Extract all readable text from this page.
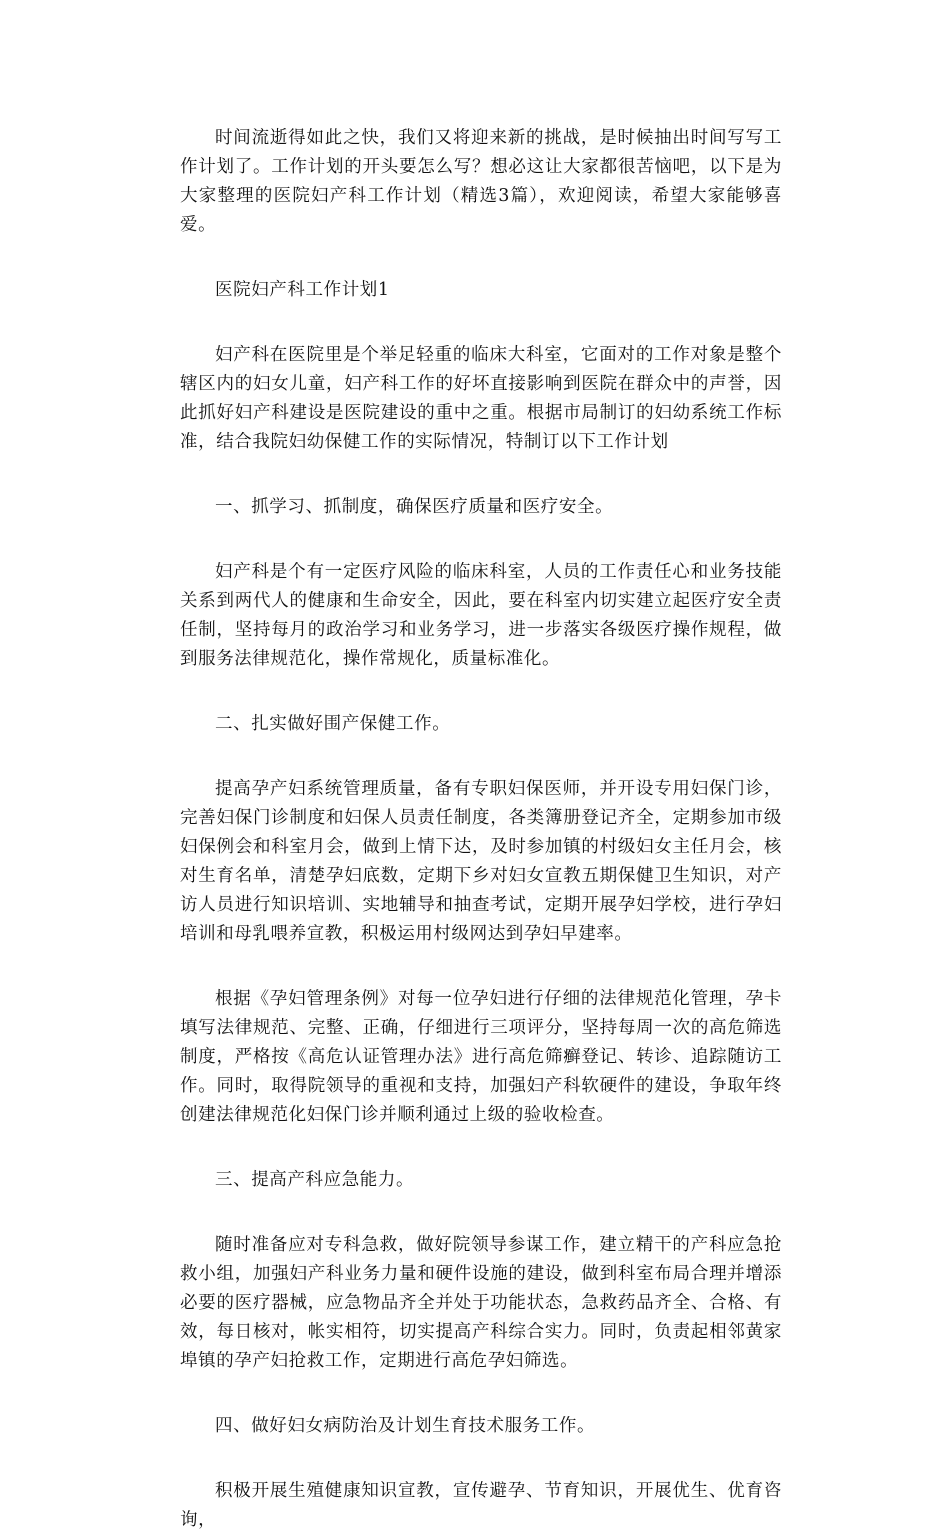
时间流逝得如此之快，我们又将迎来新的挑战，是时候抽出时间写写工作计划了。工作计划的开头要怎么写？想必这让大家都很苦恼吧，以下是为大家整理的医院妇产科工作计划（精选3篇），欢迎阅读，希望大家能够喜爱。

医院妇产科工作计划1

妇产科在医院里是个举足轻重的临床大科室，它面对的工作对象是整个辖区内的妇女儿童，妇产科工作的好坏直接影响到医院在群众中的声誉，因此抓好妇产科建设是医院建设的重中之重。根据市局制订的妇幼系统工作标准，结合我院妇幼保健工作的实际情况，特制订以下工作计划

一、抓学习、抓制度，确保医疗质量和医疗安全。

妇产科是个有一定医疗风险的临床科室，人员的工作责任心和业务技能关系到两代人的健康和生命安全，因此，要在科室内切实建立起医疗安全责任制，坚持每月的政治学习和业务学习，进一步落实各级医疗操作规程，做到服务法律规范化，操作常规化，质量标准化。

二、扎实做好围产保健工作。

提高孕产妇系统管理质量，备有专职妇保医师，并开设专用妇保门诊，完善妇保门诊制度和妇保人员责任制度，各类簿册登记齐全，定期参加市级妇保例会和科室月会，做到上情下达，及时参加镇的村级妇女主任月会，核对生育名单，清楚孕妇底数，定期下乡对妇女宣教五期保健卫生知识，对产访人员进行知识培训、实地辅导和抽查考试，定期开展孕妇学校，进行孕妇培训和母乳喂养宣教，积极运用村级网达到孕妇早建率。

根据《孕妇管理条例》对每一位孕妇进行仔细的法律规范化管理，孕卡填写法律规范、完整、正确，仔细进行三项评分，坚持每周一次的高危筛选制度，严格按《高危认证管理办法》进行高危筛癣登记、转诊、追踪随访工作。同时，取得院领导的重视和支持，加强妇产科软硬件的建设，争取年终创建法律规范化妇保门诊并顺利通过上级的验收检查。

三、提高产科应急能力。

随时准备应对专科急救，做好院领导参谋工作，建立精干的产科应急抢救小组，加强妇产科业务力量和硬件设施的建设，做到科室布局合理并增添必要的医疗器械，应急物品齐全并处于功能状态，急救药品齐全、合格、有效，每日核对，帐实相符，切实提高产科综合实力。同时，负责起相邻黄家埠镇的孕产妇抢救工作，定期进行高危孕妇筛选。

四、做好妇女病防治及计划生育技术服务工作。

积极开展生殖健康知识宣教，宣传避孕、节育知识，开展优生、优育咨询，
